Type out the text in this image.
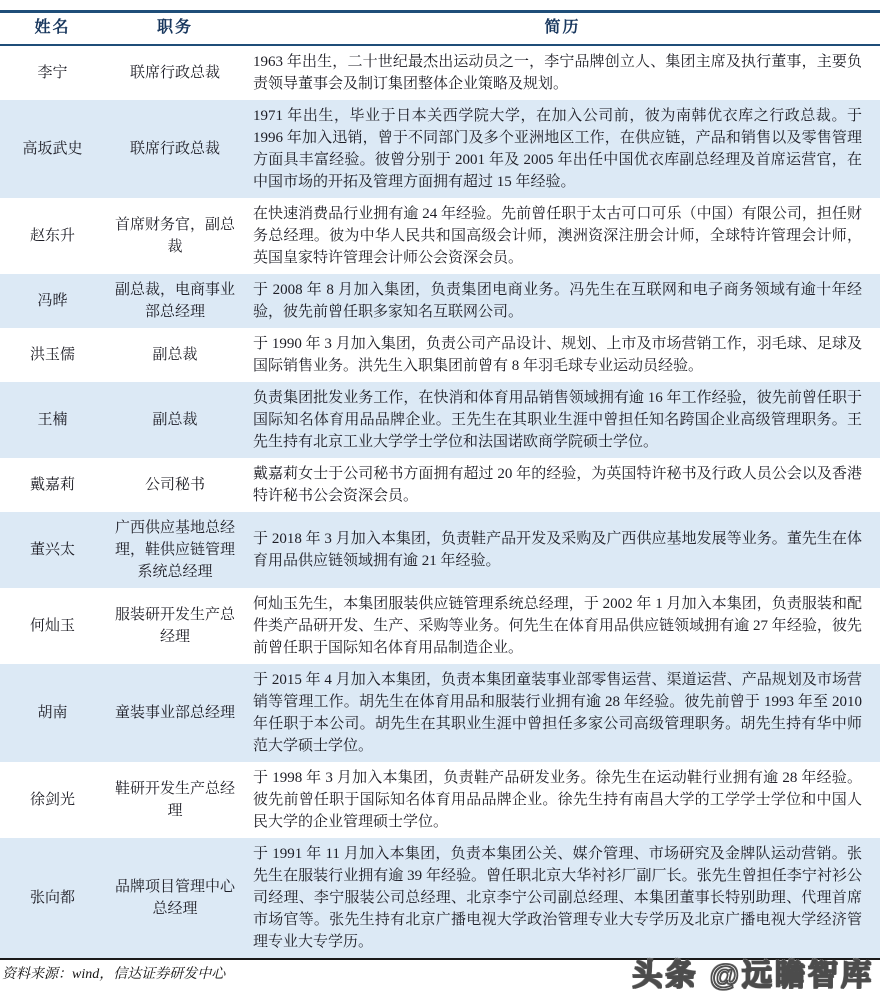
姓名	职务	简历
李宁	联席行政总裁	1963 年出生，二十世纪最杰出运动员之一，李宁品牌创立人、集团主席及执行董事，主要负责领导董事会及制订集团整体企业策略及规划。
高坂武史	联席行政总裁	1971 年出生，毕业于日本关西学院大学，在加入公司前，彼为南韩优衣库之行政总裁。于 1996 年加入迅销，曾于不同部门及多个亚洲地区工作，在供应链，产品和销售以及零售管理方面具丰富经验。彼曾分别于 2001 年及 2005 年出任中国优衣库副总经理及首席运营官，在中国市场的开拓及管理方面拥有超过 15 年经验。
赵东升	首席财务官，副总裁	在快速消费品行业拥有逾 24 年经验。先前曾任职于太古可口可乐（中国）有限公司，担任财务总经理。彼为中华人民共和国高级会计师，澳洲资深注册会计师，全球特许管理会计师，英国皇家特许管理会计师公会资深会员。
冯晔	副总裁，电商事业部总经理	于 2008 年 8 月加入集团，负责集团电商业务。冯先生在互联网和电子商务领域有逾十年经验，彼先前曾任职多家知名互联网公司。
洪玉儒	副总裁	于 1990 年 3 月加入集团，负责公司产品设计、规划、上市及市场营销工作，羽毛球、足球及国际销售业务。洪先生入职集团前曾有 8 年羽毛球专业运动员经验。
王楠	副总裁	负责集团批发业务工作，在快消和体育用品销售领域拥有逾 16 年工作经验，彼先前曾任职于国际知名体育用品品牌企业。王先生在其职业生涯中曾担任知名跨国企业高级管理职务。王先生持有北京工业大学学士学位和法国诺欧商学院硕士学位。
戴嘉莉	公司秘书	戴嘉莉女士于公司秘书方面拥有超过 20 年的经验，为英国特许秘书及行政人员公会以及香港特许秘书公会资深会员。
董兴太	广西供应基地总经理，鞋供应链管理系统总经理	于 2018 年 3 月加入本集团，负责鞋产品开发及采购及广西供应基地发展等业务。董先生在体育用品供应链领域拥有逾 21 年经验。
何灿玉	服装研开发生产总经理	何灿玉先生，本集团服装供应链管理系统总经理，于 2002 年 1 月加入本集团，负责服装和配件类产品研开发、生产、采购等业务。何先生在体育用品供应链领域拥有逾 27 年经验，彼先前曾任职于国际知名体育用品制造企业。
胡南	童装事业部总经理	于 2015 年 4 月加入本集团，负责本集团童装事业部零售运营、渠道运营、产品规划及市场营销等管理工作。胡先生在体育用品和服装行业拥有逾 28 年经验。彼先前曾于 1993 年至 2010 年任职于本公司。胡先生在其职业生涯中曾担任多家公司高级管理职务。胡先生持有华中师范大学硕士学位。
徐剑光	鞋研开发生产总经理	于 1998 年 3 月加入本集团，负责鞋产品研发业务。徐先生在运动鞋行业拥有逾 28 年经验。彼先前曾任职于国际知名体育用品品牌企业。徐先生持有南昌大学的工学学士学位和中国人民大学的企业管理硕士学位。
张向都	品牌项目管理中心总经理	于 1991 年 11 月加入本集团，负责本集团公关、媒介管理、市场研究及金牌队运动营销。张先生在服装行业拥有逾 39 年经验。曾任职北京大华衬衫厂副厂长。张先生曾担任李宁衬衫公司经理、李宁服装公司总经理、北京李宁公司副总经理、本集团董事长特别助理、代理首席市场官等。张先生持有北京广播电视大学政治管理专业大专学历及北京广播电视大学经济管理专业大专学历。
资料来源：wind，信达证券研发中心	头条 @远瞻智库
